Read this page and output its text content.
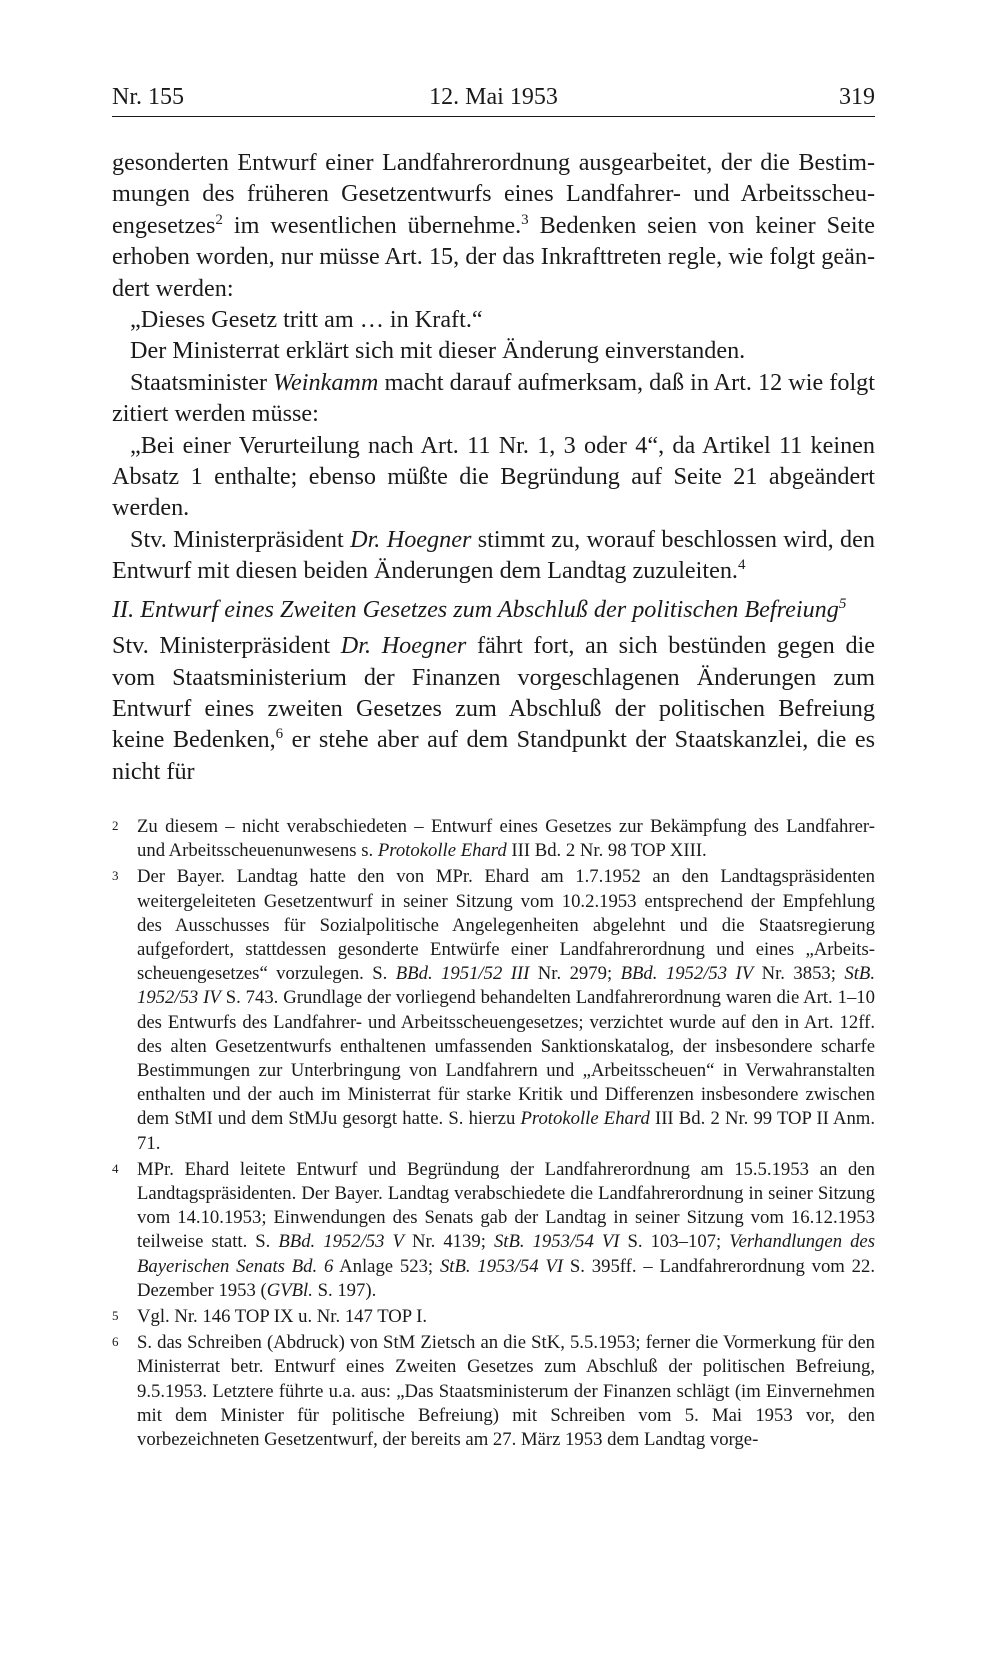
Nr. 155	12. Mai 1953	319

gesonderten Entwurf einer Landfahrerordnung ausgearbeitet, der die Bestimmungen des früheren Gesetzentwurfs eines Landfahrer- und Arbeitsscheuengesetzes$^2$ im wesentlichen übernehme.$^3$ Bedenken seien von keiner Seite erhoben worden, nur müsse Art. 15, der das Inkrafttreten regle, wie folgt geändert werden:

„Dieses Gesetz tritt am … in Kraft.“

Der Ministerrat erklärt sich mit dieser Änderung einverstanden.

Staatsminister Weinkamm macht darauf aufmerksam, daß in Art. 12 wie folgt zitiert werden müsse:

„Bei einer Verurteilung nach Art. 11 Nr. 1, 3 oder 4“, da Artikel 11 keinen Absatz 1 enthalte; ebenso müßte die Begründung auf Seite 21 abgeändert werden.

Stv. Ministerpräsident Dr. Hoegner stimmt zu, worauf beschlossen wird, den Entwurf mit diesen beiden Änderungen dem Landtag zuzuleiten.$^4$

II. Entwurf eines Zweiten Gesetzes zum Abschluß der politischen Befreiung$^5$

Stv. Ministerpräsident Dr. Hoegner fährt fort, an sich bestünden gegen die vom Staatsministerium der Finanzen vorgeschlagenen Änderungen zum Entwurf eines zweiten Gesetzes zum Abschluß der politischen Befreiung keine Bedenken,$^6$ er stehe aber auf dem Standpunkt der Staatskanzlei, die es nicht für

2 Zu diesem – nicht verabschiedeten – Entwurf eines Gesetzes zur Bekämpfung des Landfahrer- und Arbeitsscheuenunwesens s. Protokolle Ehard III Bd. 2 Nr. 98 TOP XIII.

3 Der Bayer. Landtag hatte den von MPr. Ehard am 1.7.1952 an den Landtagspräsidenten weitergeleiteten Gesetzentwurf in seiner Sitzung vom 10.2.1953 entsprechend der Empfehlung des Ausschusses für Sozialpolitische Angelegenheiten abgelehnt und die Staatsregierung aufgefordert, stattdessen gesonderte Entwürfe einer Landfahrerordnung und eines „Arbeitsscheuengesetzes“ vorzulegen. S. BBd. 1951/52 III Nr. 2979; BBd. 1952/53 IV Nr. 3853; StB. 1952/53 IV S. 743. Grundlage der vorliegend behandelten Landfahrerordnung waren die Art. 1–10 des Entwurfs des Landfahrer- und Arbeitsscheuengesetzes; verzichtet wurde auf den in Art. 12ff. des alten Gesetzentwurfs enthaltenen umfassenden Sanktionskatalog, der insbesondere scharfe Bestimmungen zur Unterbringung von Landfahrern und „Arbeitsscheuen“ in Verwahranstalten enthalten und der auch im Ministerrat für starke Kritik und Differenzen insbesondere zwischen dem StMI und dem StMJu gesorgt hatte. S. hierzu Protokolle Ehard III Bd. 2 Nr. 99 TOP II Anm. 71.

4 MPr. Ehard leitete Entwurf und Begründung der Landfahrerordnung am 15.5.1953 an den Landtagspräsidenten. Der Bayer. Landtag verabschiedete die Landfahrerordnung in seiner Sitzung vom 14.10.1953; Einwendungen des Senats gab der Landtag in seiner Sitzung vom 16.12.1953 teilweise statt. S. BBd. 1952/53 V Nr. 4139; StB. 1953/54 VI S. 103–107; Verhandlungen des Bayerischen Senats Bd. 6 Anlage 523; StB. 1953/54 VI S. 395ff. – Landfahrerordnung vom 22. Dezember 1953 (GVBl. S. 197).

5 Vgl. Nr. 146 TOP IX u. Nr. 147 TOP I.

6 S. das Schreiben (Abdruck) von StM Zietsch an die StK, 5.5.1953; ferner die Vormerkung für den Ministerrat betr. Entwurf eines Zweiten Gesetzes zum Abschluß der politischen Befreiung, 9.5.1953. Letztere führte u.a. aus: „Das Staatsministerum der Finanzen schlägt (im Einvernehmen mit dem Minister für politische Befreiung) mit Schreiben vom 5. Mai 1953 vor, den vorbezeichneten Gesetzentwurf, der bereits am 27. März 1953 dem Landtag vorge-
